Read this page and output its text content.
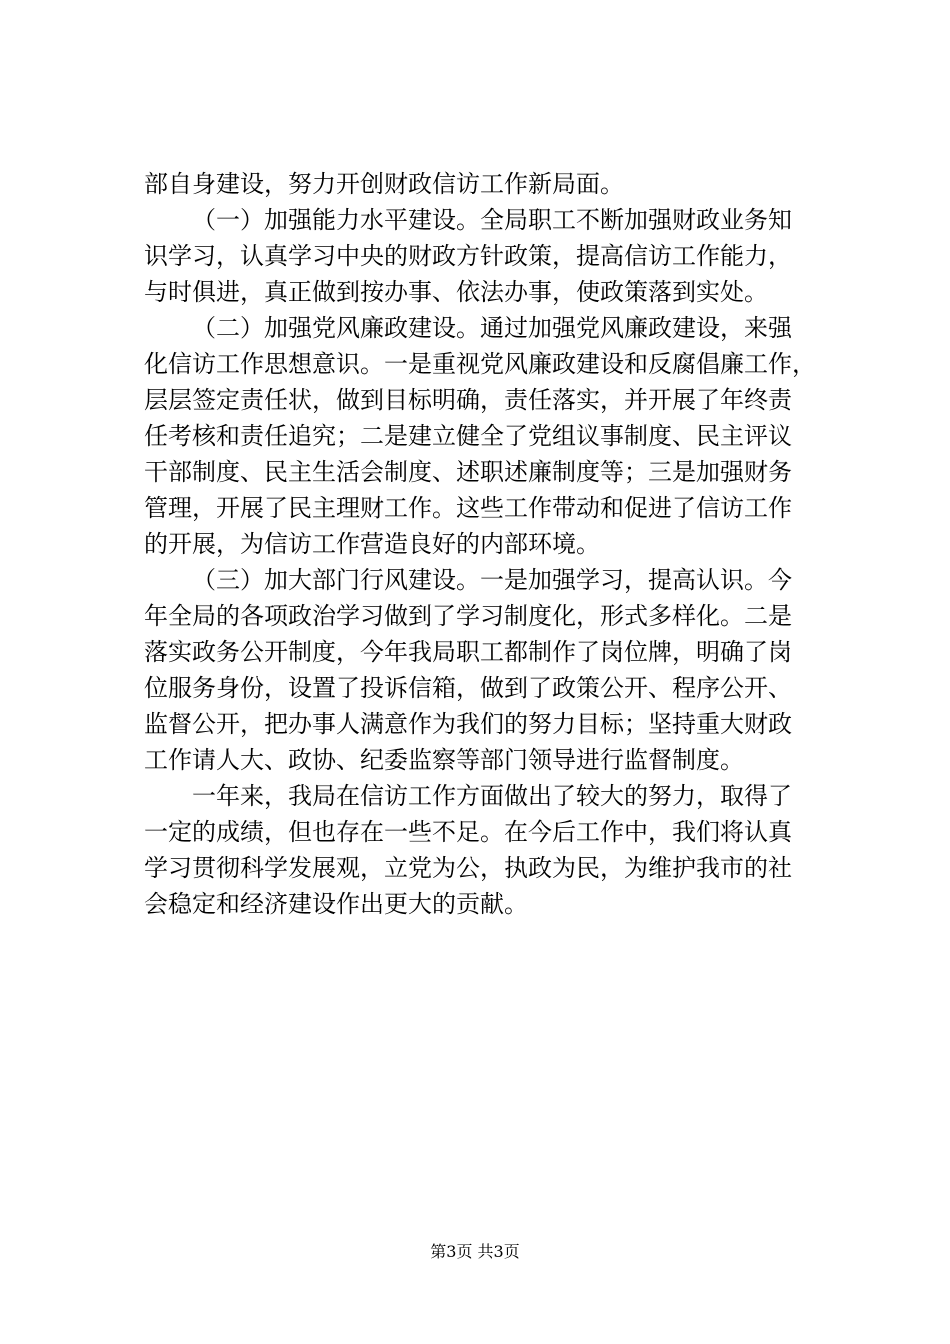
部自身建设，努力开创财政信访工作新局面。
（一）加强能力水平建设。全局职工不断加强财政业务知
识学习，认真学习中央的财政方针政策，提高信访工作能力，
与时俱进，真正做到按办事、依法办事，使政策落到实处。
（二）加强党风廉政建设。通过加强党风廉政建设，来强
化信访工作思想意识。一是重视党风廉政建设和反腐倡廉工作，
层层签定责任状，做到目标明确，责任落实，并开展了年终责
任考核和责任追究；二是建立健全了党组议事制度、民主评议
干部制度、民主生活会制度、述职述廉制度等；三是加强财务
管理，开展了民主理财工作。这些工作带动和促进了信访工作
的开展，为信访工作营造良好的内部环境。
（三）加大部门行风建设。一是加强学习，提高认识。今
年全局的各项政治学习做到了学习制度化，形式多样化。二是
落实政务公开制度，今年我局职工都制作了岗位牌，明确了岗
位服务身份，设置了投诉信箱，做到了政策公开、程序公开、
监督公开，把办事人满意作为我们的努力目标；坚持重大财政
工作请人大、政协、纪委监察等部门领导进行监督制度。
一年来，我局在信访工作方面做出了较大的努力，取得了
一定的成绩，但也存在一些不足。在今后工作中，我们将认真
学习贯彻科学发展观，立党为公，执政为民，为维护我市的社
会稳定和经济建设作出更大的贡献。
第3页 共3页
